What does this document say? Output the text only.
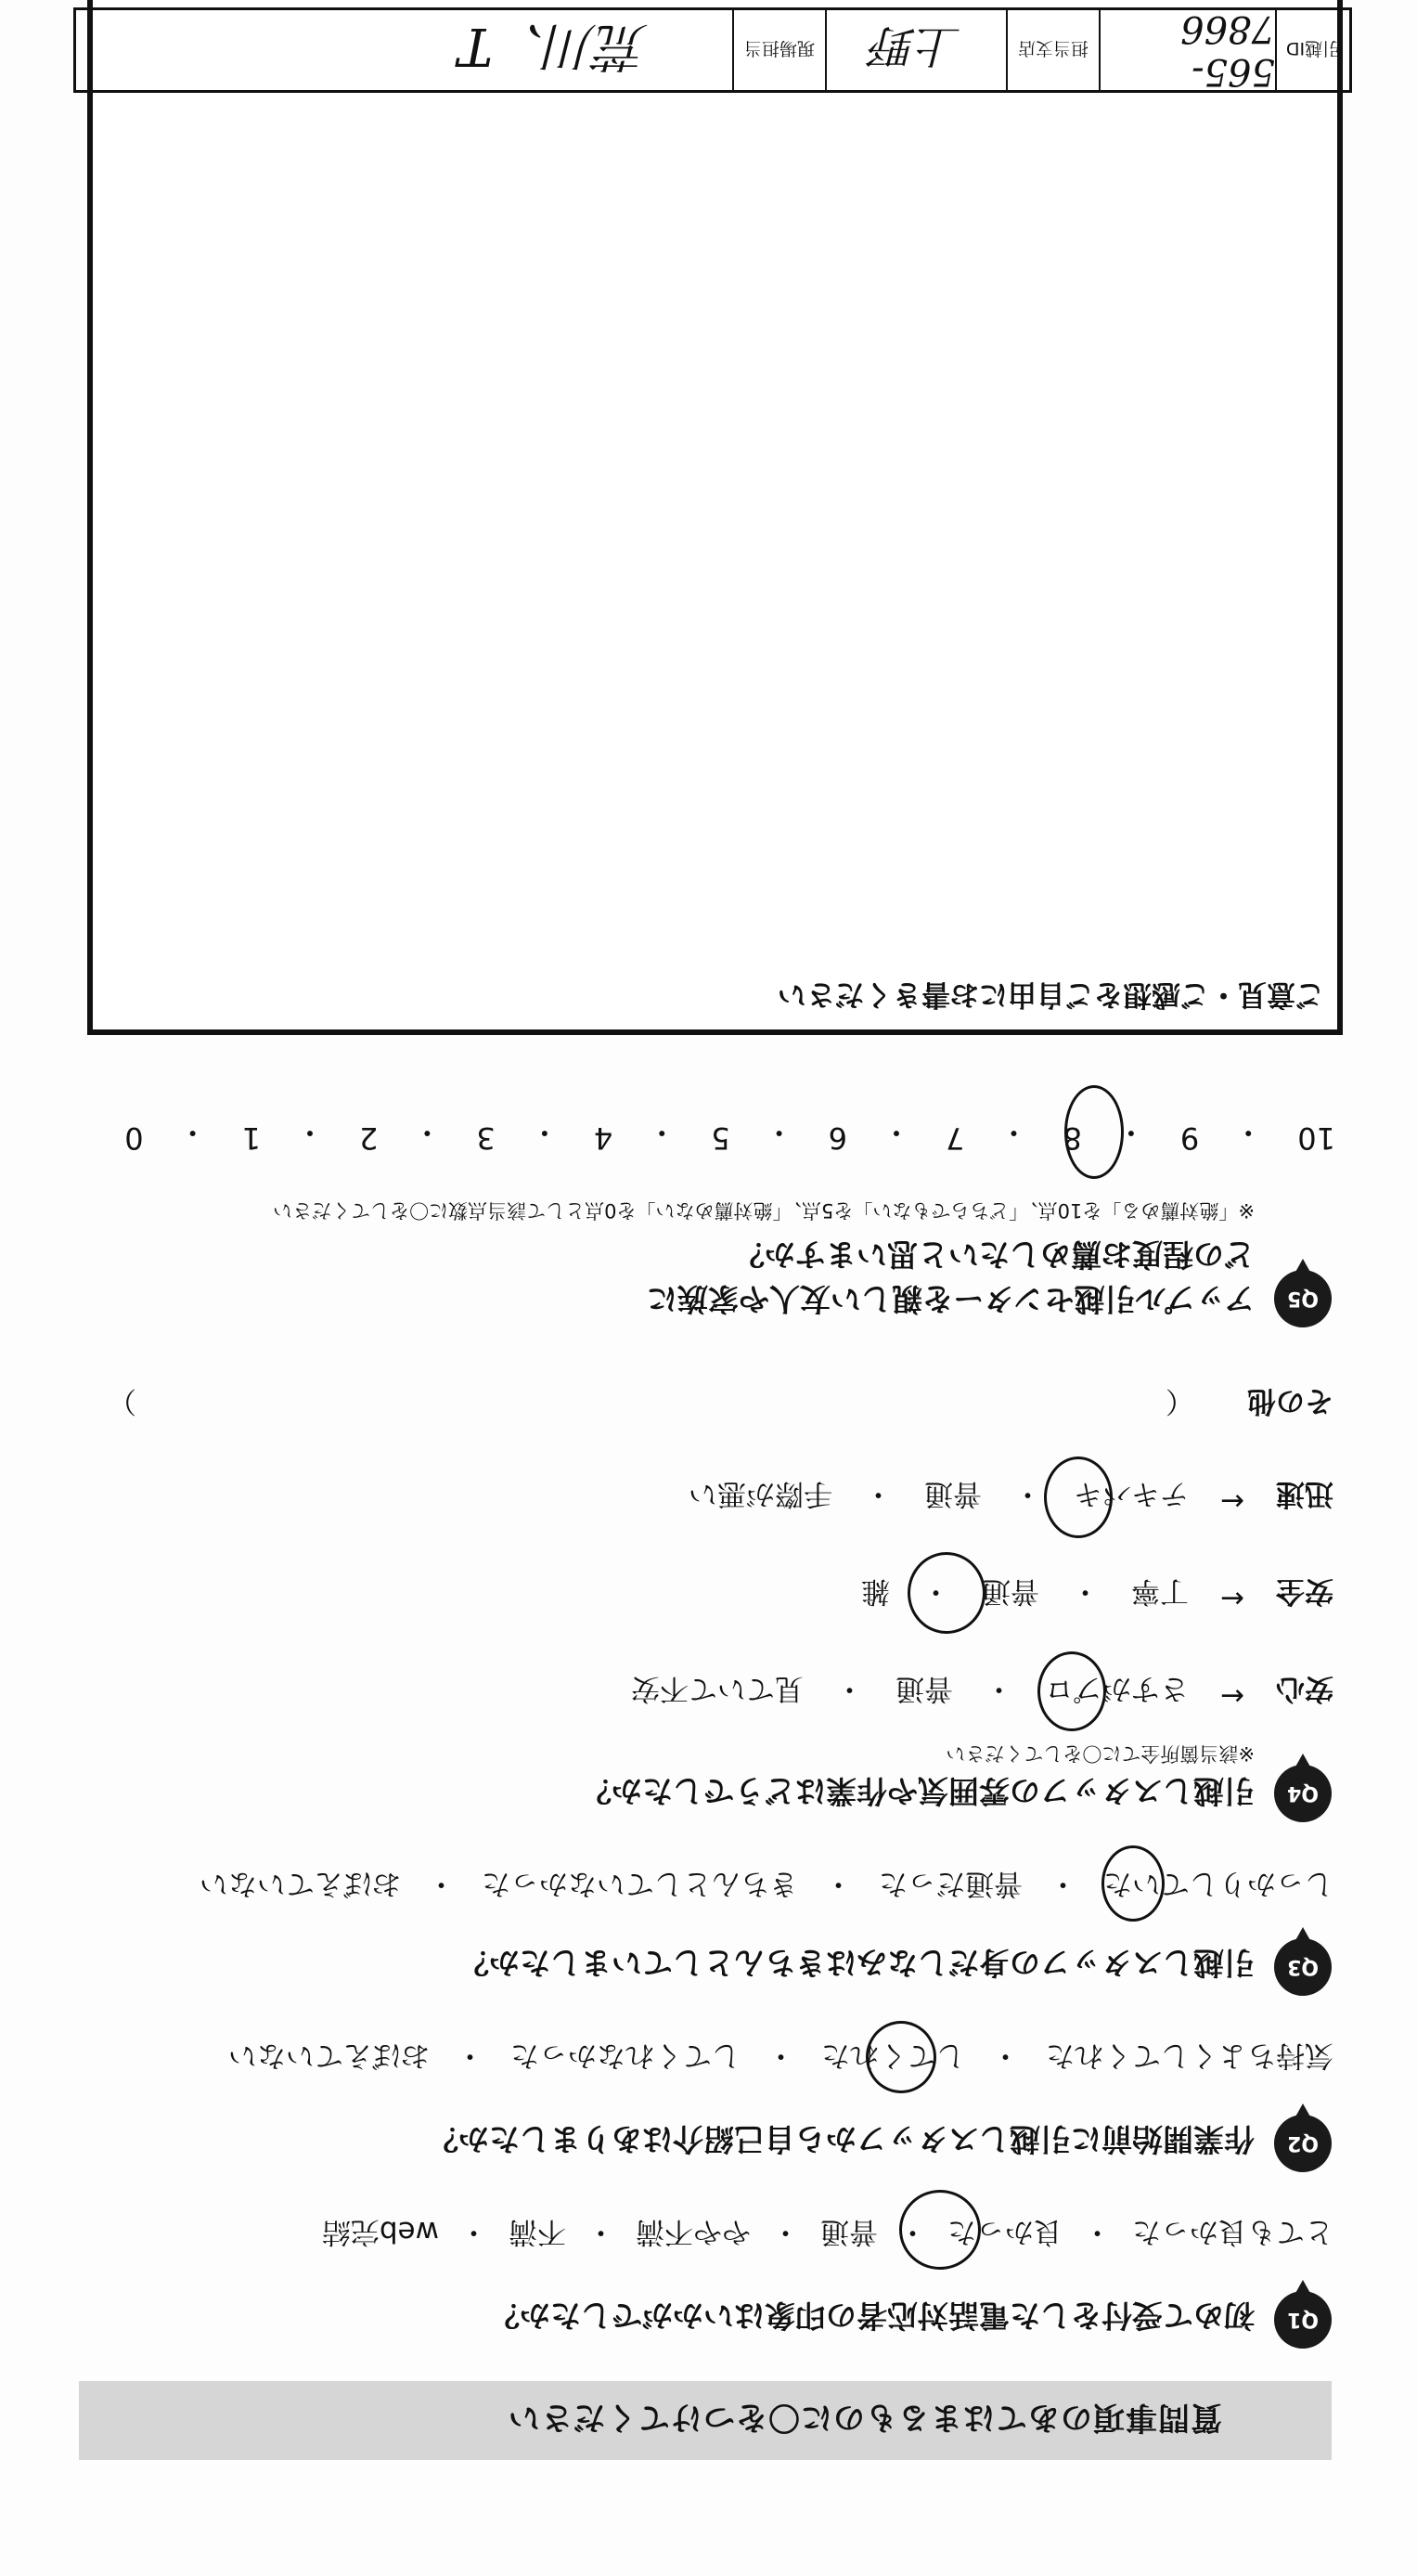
質問事項のあてはまるものに〇をつけてください
Q1
初めて受付をした電話対応者の印象はいかがでしたか？
とても良かった
・
良かった
・
普通
・
やや不満
・
不満
・
web完結
Q2
作業開始前に引越しスタッフから自己紹介はありましたか？
気持ちよくしてくれた
・
してくれた
・
してくれなかった
・
おぼえていない
Q3
引越しスタッフの身だしなみはきちんとしていましたか？
しっかりしていた
・
普通だった
・
きちんとしていなかった
・
おぼえていない
Q4
引越しスタッフの雰囲気や作業はどうでしたか？
※該当箇所全てに〇をしてください
安心
←
さすがプロ
・
普通
・
見ていて不安
安全
←
丁寧
・
普通
・
雑
迅速
←
テキパキ
・
普通
・
手際が悪い
その他
（
）
Q5
アップル引越センターを親しい友人や家族に
どの程度お薦めしたいと思いますか？
※「絶対薦める」を10点、「どちらでもない」を5点、「絶対薦めない」を0点として該当点数に〇をしてください
10
・
9
・
8
・
7
・
6
・
5
・
4
・
3
・
2
・
1
・
0
ご意見・ご感想をご自由にお書きください
引越ID
565-7866
担当支店
上野
現場担当
荒川、T
